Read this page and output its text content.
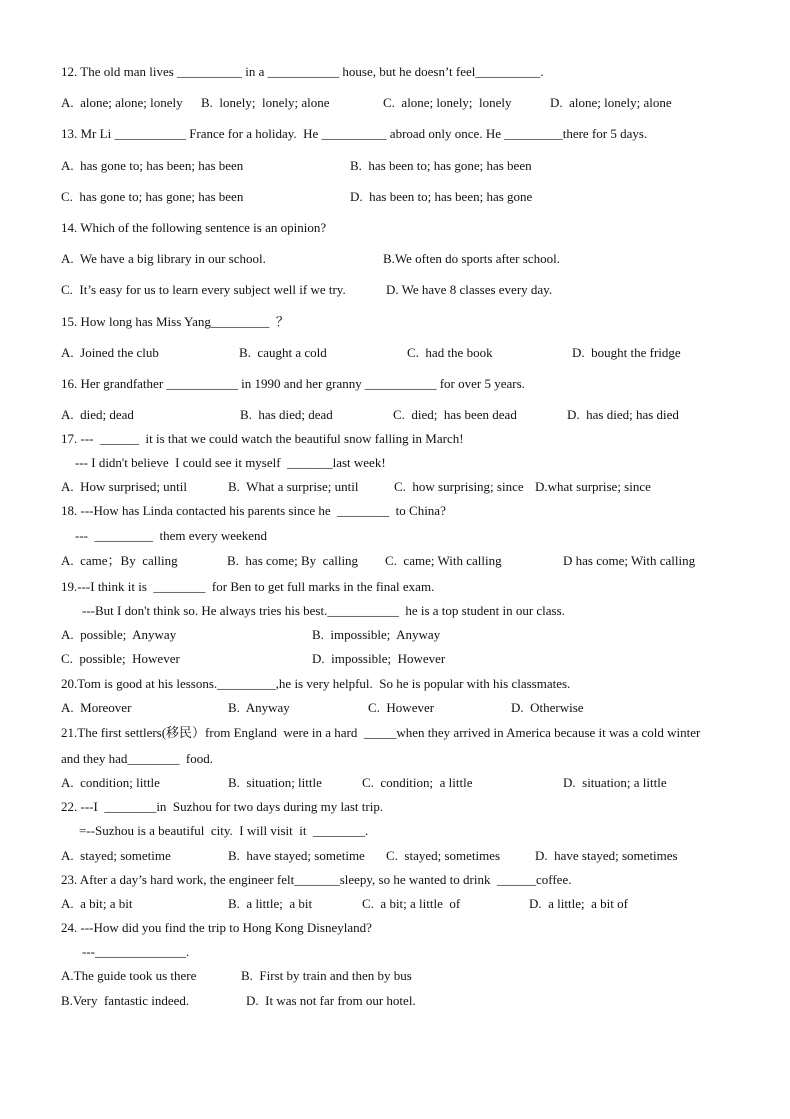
12. The old man lives __________ in a ___________ house, but he doesn’t feel__________.
A.  alone; alone; lonely B.  lonely;  lonely; alone	C.  alone; lonely;  lonely	D.  alone; lonely; alone
13. Mr Li ___________ France for a holiday.  He __________ abroad only once. He _________there for 5 days.
A.  has gone to; has been; has been	B.  has been to; has gone; has been
C.  has gone to; has gone; has been	D.  has been to; has been; has gone
14. Which of the following sentence is an opinion?
A.  We have a big library in our school.	B.We often do sports after school.
C.  It’s easy for us to learn every subject well if we try.	D. We have 8 classes every day.
15. How long has Miss Yang_________  ？
A.  Joined the club	B.  caught a cold	C.  had the book	D.  bought the fridge
16. Her grandfather ___________ in 1990 and her granny ___________ for over 5 years.
A.  died; dead	B.  has died; dead	C.  died;  has been dead	D.  has died; has died
17. ---  ______  it is that we could watch the beautiful snow falling in March!
--- I didn't believe  I could see it myself  _______last week!
A.  How surprised; until	B.  What a surprise; until	C.  how surprising; since D.what surprise; since
18. ---How has Linda contacted his parents since he  ________  to China?
---  _________  them every weekend
A.  came；By  calling	B.  has come; By  calling C.  came; With calling	D has come; With calling
19.---I think it is  ________  for Ben to get full marks in the final exam.
---But I don't think so. He always tries his best.___________  he is a top student in our class.
A.  possible;  Anyway	B.  impossible;  Anyway
C.  possible;  However	D.  impossible;  However
20.Tom is good at his lessons._________,he is very helpful.  So he is popular with his classmates.
A.  Moreover	B.  Anyway	C.  However	D.  Otherwise
21.The first settlers(移民）from England  were in a hard  _____when they arrived in America because it was a cold winter
and they had________  food.
A.  condition; little	B.  situation; little	C.  condition;  a little	D.  situation; a little
22. ---I  ________in  Suzhou for two days during my last trip.
=--Suzhou is a beautiful  city.  I will visit  it  ________.
A.  stayed; sometime	B.  have stayed; sometime C.  stayed; sometimes	D.  have stayed; sometimes
23. After a day’s hard work, the engineer felt_______sleepy, so he wanted to drink  ______coffee.
A.  a bit; a bit	B.  a little;  a bit	C.  a bit; a little  of	D.  a little;  a bit of
24. ---How did you find the trip to Hong Kong Disneyland?
---______________.
A.The guide took us there	B.  First by train and then by bus
B.Very  fantastic indeed.	D.  It was not far from our hotel.
